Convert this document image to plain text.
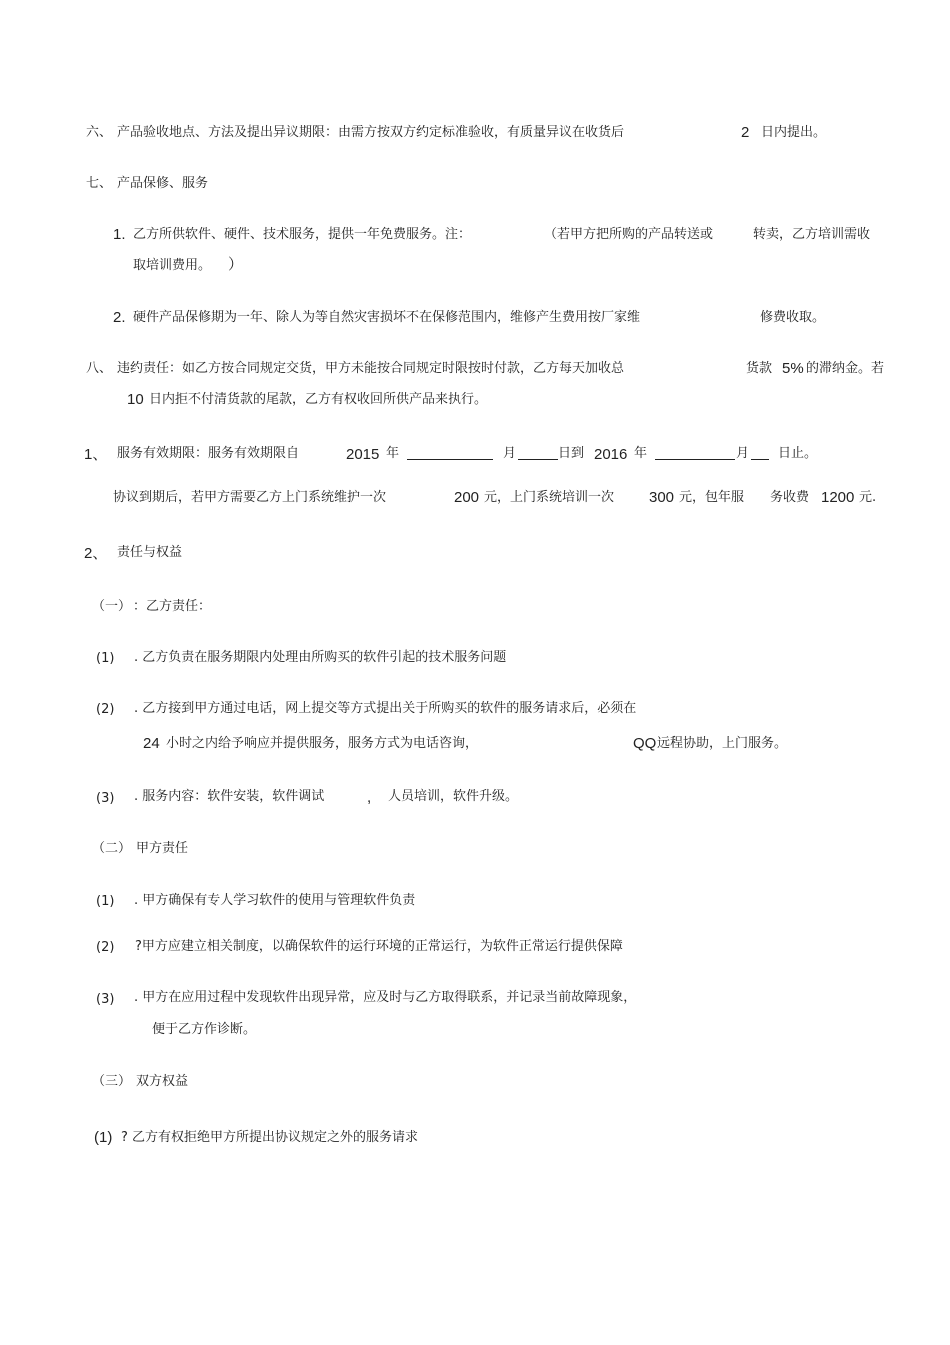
六、 产品验收地点、方法及提出异议期限：由需方按双方约定标准验收，有质量异议在收货后	2 日内提出。
七、 产品保修、服务
1. 乙方所供软件、硬件、技术服务，提供一年免费服务。注：	（若甲方把所购的产品转送或	转卖，乙方培训需收
取培训费用。 ）
2. 硬件产品保修期为一年、除人为等自然灾害损坏不在保修范围内，维修产生费用按厂家维	修费收取。
八、 违约责任：如乙方按合同规定交货，甲方未能按合同规定时限按时付款，乙方每天加收总	货款 5% 的滞纳金。若
10 日内拒不付清货款的尾款，乙方有权收回所供产品来执行。
1、 服务有效期限：服务有效期限自	2015 年	月	日到 2016 年	月 日止。
协议到期后，若甲方需要乙方上门系统维护一次	200 元，上门系统培训一次 300 元，包年服 务收费 1200 元.
2、 责任与权益
（一） ：乙方责任：
(1) . 乙方负责在服务期限内处理由所购买的软件引起的技术服务问题
(2) . 乙方接到甲方通过电话，网上提交等方式提出关于所购买的软件的服务请求后，必须在
24 小时之内给予响应并提供服务，服务方式为电话咨询，	QQ 远程协助，上门服务。
(3) . 服务内容：软件安装，软件调试	, 人员培训，软件升级。
（二） 甲方责任
(1) . 甲方确保有专人学习软件的使用与管理软件负责
(2) ?甲方应建立相关制度，以确保软件的运行环境的正常运行，为软件正常运行提供保障
(3) . 甲方在应用过程中发现软件出现异常，应及时与乙方取得联系，并记录当前故障现象，
便于乙方作诊断。
（三） 双方权益
(1) ? 乙方有权拒绝甲方所提出协议规定之外的服务请求
